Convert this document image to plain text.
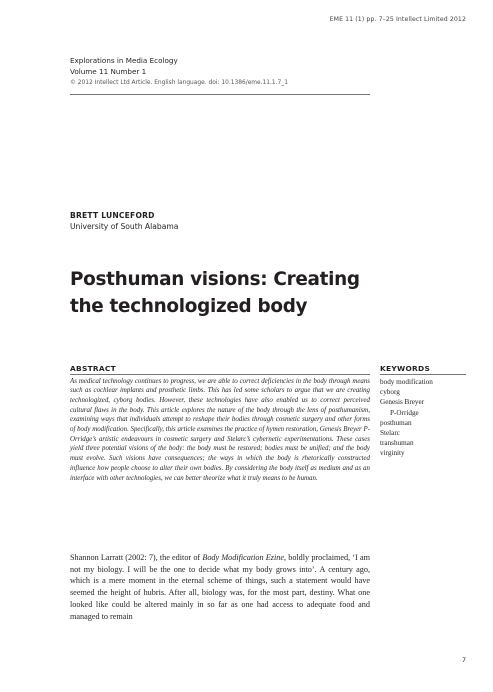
EME 11 (1) pp. 7–25 Intellect Limited 2012
Explorations in Media Ecology
Volume 11 Number 1
© 2012 Intellect Ltd Article. English language. doi: 10.1386/eme.11.1.7_1
BRETT LUNCEFORD
University of South Alabama
Posthuman visions: Creating
the technologized body
ABSTRACT

As medical technology continues to progress, we are able to correct deficiencies in the body through means such as cochlear implants and prosthetic limbs. This has led some scholars to argue that we are creating technologized, cyborg bodies. However, these technologies have also enabled us to correct perceived cultural flaws in the body. This article explores the nature of the body through the lens of posthumanism, examining ways that individuals attempt to reshape their bodies through cosmetic surgery and other forms of body modification. Specifically, this article examines the practice of hymen restoration, Genesis Breyer P-Orridge’s artistic endeavours in cosmetic surgery and Stelarc’s cybernetic experimentations. These cases yield three potential visions of the body: the body must be restored; bodies must be unified; and the body must evolve. Such visions have consequences; the ways in which the body is rhetorically constructed influence how people choose to alter their own bodies. By considering the body itself as medium and as an interface with other technologies, we can better theorize what it truly means to be human.

KEYWORDS
body modification
cyborg
Genesis Breyer
P-Orridge
posthuman
Stelarc
transhuman
virginity

Shannon Larratt (2002: 7), the editor of Body Modification Ezine, boldly proclaimed, ‘I am not my biology. I will be the one to decide what my body grows into’. A century ago, which is a mere moment in the eternal scheme of things, such a statement would have seemed the height of hubris. After all, biology was, for the most part, destiny. What one looked like could be altered mainly in so far as one had access to adequate food and managed to remain

7
